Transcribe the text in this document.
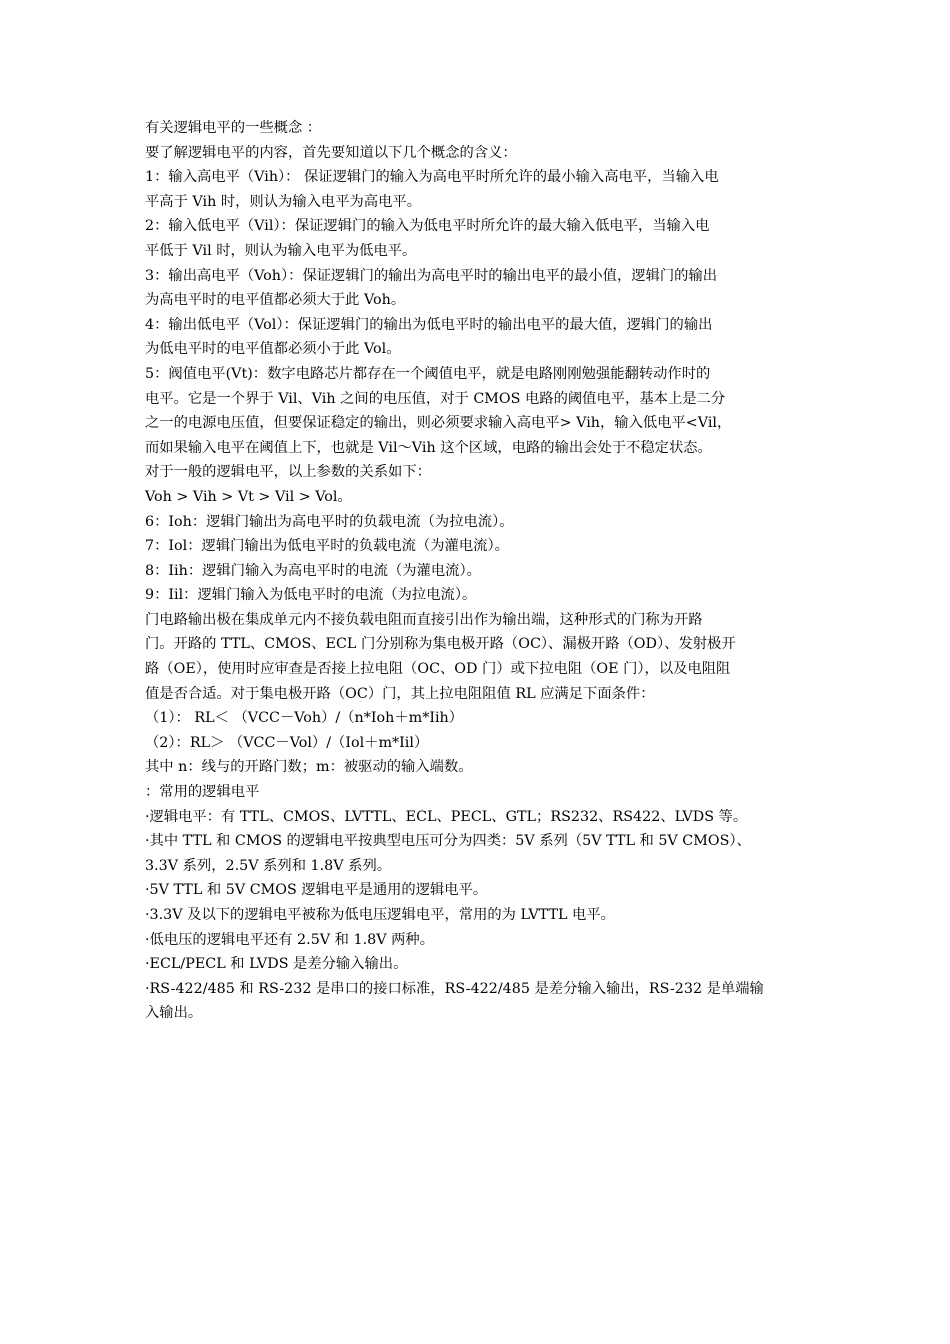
有关逻辑电平的一些概念 ：
要了解逻辑电平的内容，首先要知道以下几个概念的含义：
1：输入高电平（Vih）： 保证逻辑门的输入为高电平时所允许的最小输入高电平，当输入电
平高于 Vih 时，则认为输入电平为高电平。
2：输入低电平（Vil）：保证逻辑门的输入为低电平时所允许的最大输入低电平，当输入电
平低于 Vil 时，则认为输入电平为低电平。
3：输出高电平（Voh）：保证逻辑门的输出为高电平时的输出电平的最小值，逻辑门的输出
为高电平时的电平值都必须大于此 Voh。
4：输出低电平（Vol）：保证逻辑门的输出为低电平时的输出电平的最大值，逻辑门的输出
为低电平时的电平值都必须小于此 Vol。
5：阀值电平(Vt)：数字电路芯片都存在一个阈值电平，就是电路刚刚勉强能翻转动作时的
电平。它是一个界于 Vil、Vih 之间的电压值，对于 CMOS 电路的阈值电平，基本上是二分
之一的电源电压值，但要保证稳定的输出，则必须要求输入高电平> Vih，输入低电平<Vil，
而如果输入电平在阈值上下，也就是 Vil～Vih 这个区域，电路的输出会处于不稳定状态。
对于一般的逻辑电平，以上参数的关系如下：
Voh > Vih > Vt > Vil > Vol。
6：Ioh：逻辑门输出为高电平时的负载电流（为拉电流）。
7：Iol：逻辑门输出为低电平时的负载电流（为灌电流）。
8：Iih：逻辑门输入为高电平时的电流（为灌电流）。
9：Iil：逻辑门输入为低电平时的电流（为拉电流）。
门电路输出极在集成单元内不接负载电阻而直接引出作为输出端，这种形式的门称为开路
门。开路的 TTL、CMOS、ECL 门分别称为集电极开路（OC）、漏极开路（OD）、发射极开
路（OE），使用时应审查是否接上拉电阻（OC、OD 门）或下拉电阻（OE 门），以及电阻阻
值是否合适。对于集电极开路（OC）门，其上拉电阻阻值 RL 应满足下面条件：
（1）： RL＜ （VCC－Voh）/（n*Ioh＋m*Iih）
（2）：RL＞ （VCC－Vol）/（Iol＋m*Iil）
其中 n：线与的开路门数；m：被驱动的输入端数。
：常用的逻辑电平
·逻辑电平：有 TTL、CMOS、LVTTL、ECL、PECL、GTL；RS232、RS422、LVDS 等。
·其中 TTL 和 CMOS 的逻辑电平按典型电压可分为四类：5V 系列（5V TTL 和 5V CMOS）、
3.3V 系列，2.5V 系列和 1.8V 系列。
·5V TTL 和 5V CMOS 逻辑电平是通用的逻辑电平。
·3.3V 及以下的逻辑电平被称为低电压逻辑电平，常用的为 LVTTL 电平。
·低电压的逻辑电平还有 2.5V 和 1.8V 两种。
·ECL/PECL 和 LVDS 是差分输入输出。
·RS-422/485 和 RS-232 是串口的接口标准，RS-422/485 是差分输入输出，RS-232 是单端输
入输出。
